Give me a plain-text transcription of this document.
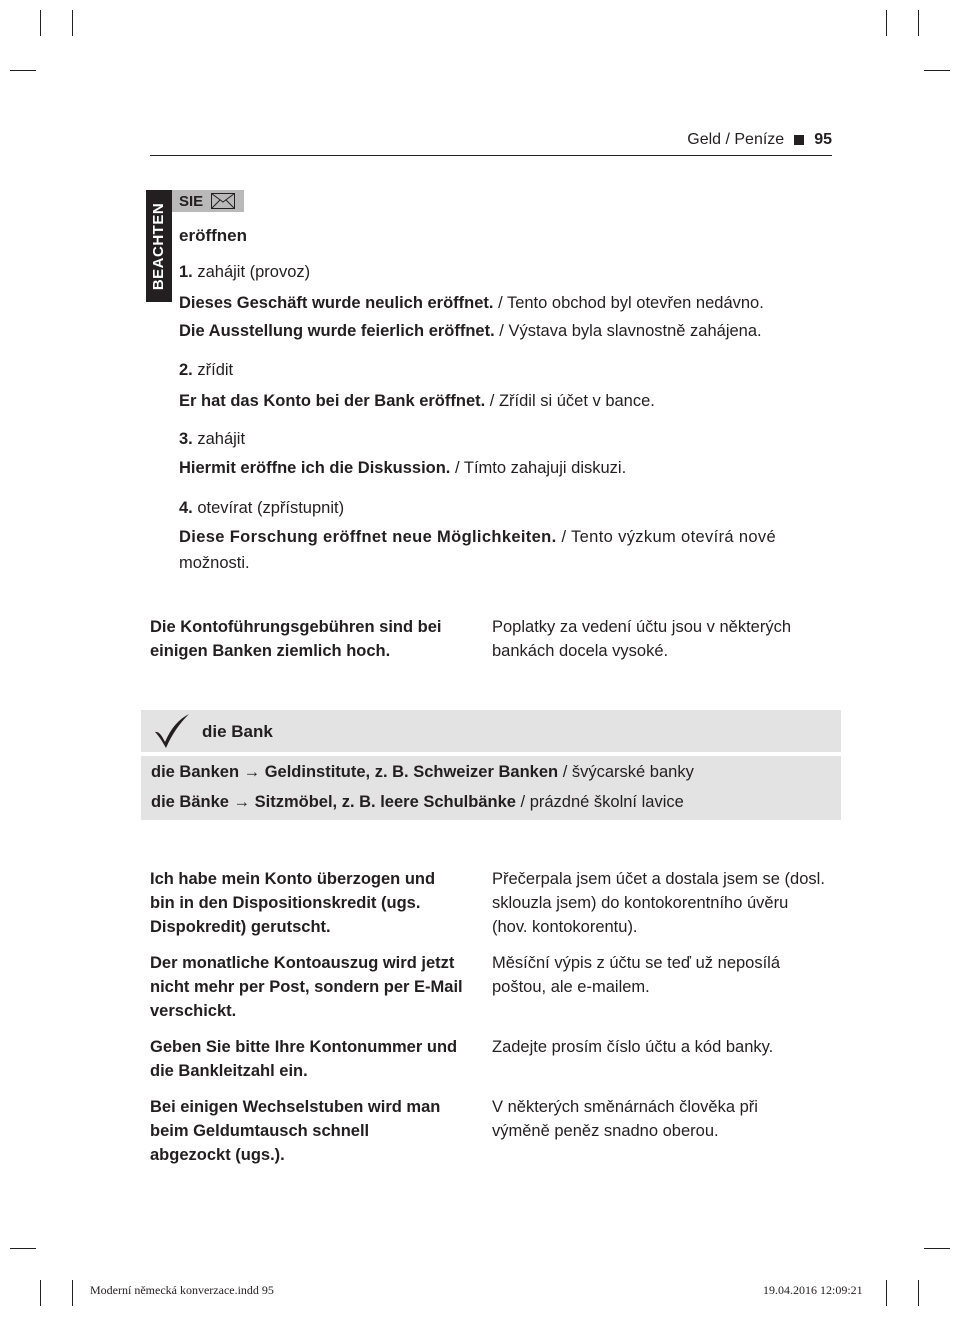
Geld / Peníze 95
BEACHTEN
SIE
eröffnen
1. zahájit (provoz)
Dieses Geschäft wurde neulich eröffnet. / Tento obchod byl otevřen nedávno.
Die Ausstellung wurde feierlich eröffnet. / Výstava byla slavnostně zahájena.
2. zřídit
Er hat das Konto bei der Bank eröffnet. / Zřídil si účet v bance.
3. zahájit
Hiermit eröffne ich die Diskussion. / Tímto zahajuji diskuzi.
4. otevírat (zpřístupnit)
Diese Forschung eröffnet neue Möglichkeiten. / Tento výzkum otevírá nové
možnosti.
Die Kontoführungsgebühren sind bei einigen Banken ziemlich hoch.
Poplatky za vedení účtu jsou v některých bankách docela vysoké.
die Bank
die Banken → Geldinstitute, z. B. Schweizer Banken / švýcarské banky
die Bänke → Sitzmöbel, z. B. leere Schulbänke / prázdné školní lavice
Ich habe mein Konto überzogen und bin in den Dispositionskredit (ugs. Dispokredit) gerutscht.
Přečerpala jsem účet a dostala jsem se (dosl. sklouzla jsem) do kontokorentního úvěru (hov. kontokorentu).
Der monatliche Kontoauszug wird jetzt nicht mehr per Post, sondern per E-Mail verschickt.
Měsíční výpis z účtu se teď už neposílá poštou, ale e-mailem.
Geben Sie bitte Ihre Kontonummer und die Bankleitzahl ein.
Zadejte prosím číslo účtu a kód banky.
Bei einigen Wechselstuben wird man beim Geldumtausch schnell abgezockt (ugs.).
V některých směnárnách člověka při výměně peněz snadno oberou.
Moderní německá konverzace.indd 95	19.04.2016 12:09:21
